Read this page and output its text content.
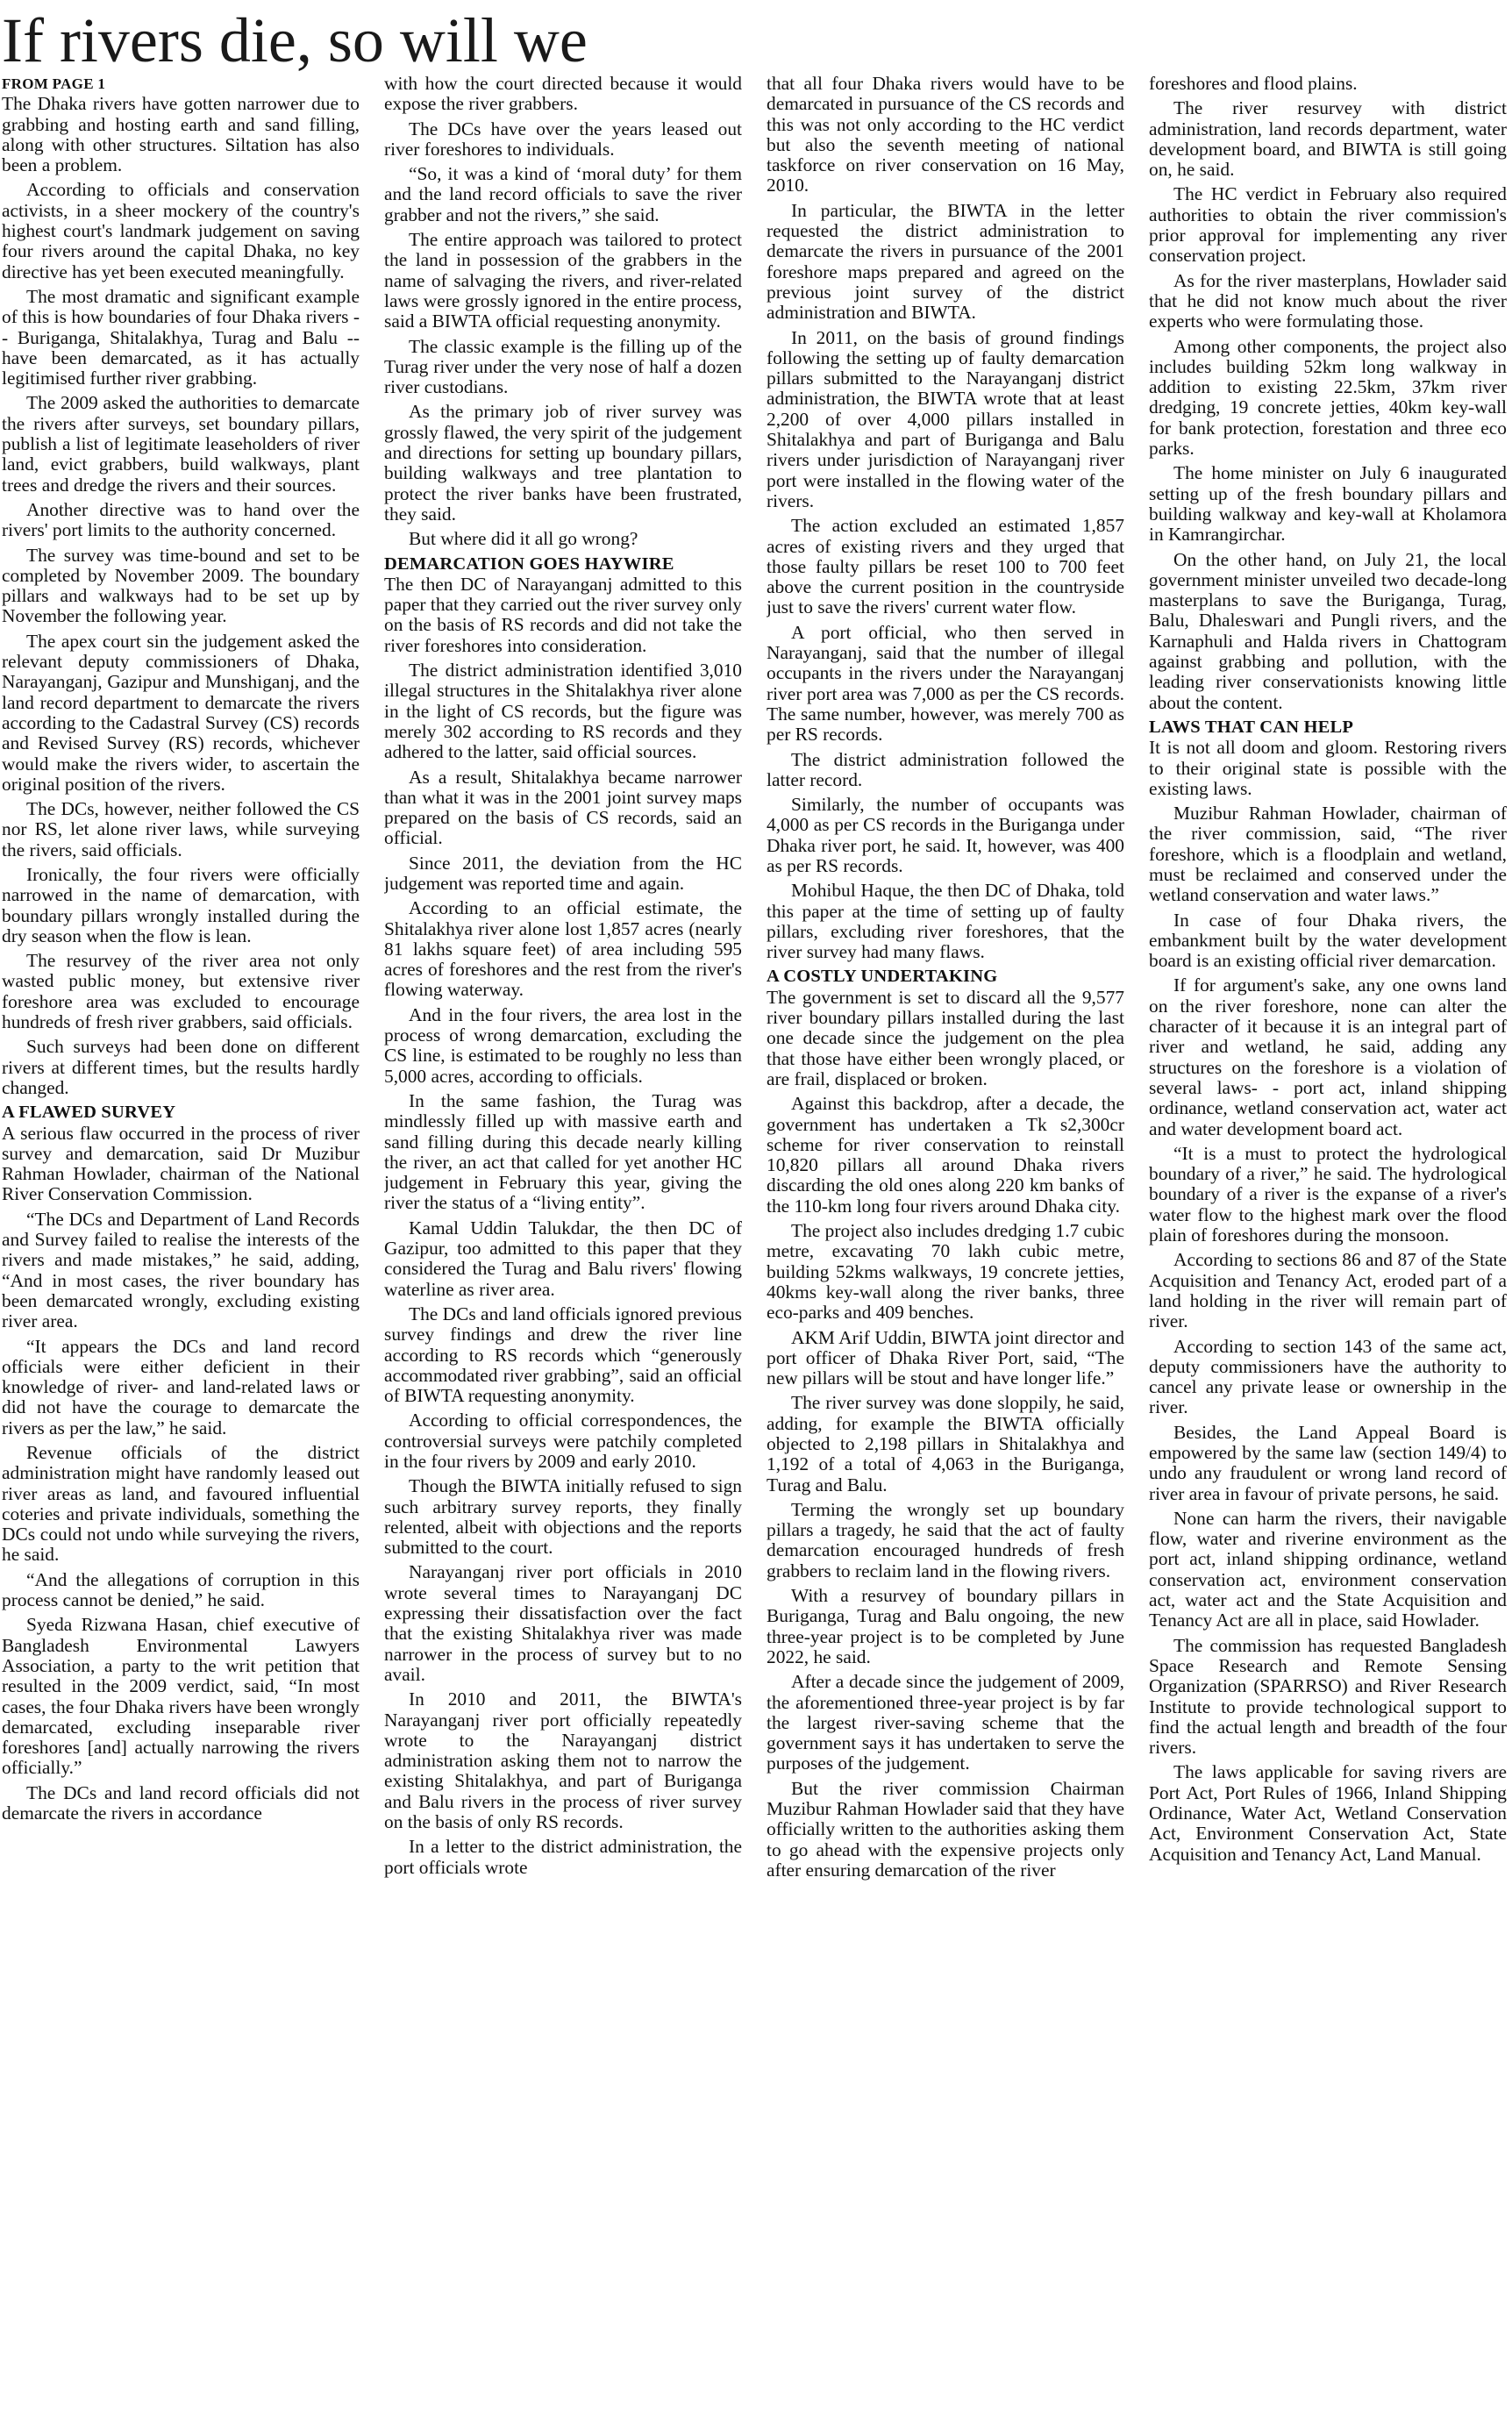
If rivers die, so will we

FROM PAGE 1

The Dhaka rivers have gotten narrower due to grabbing and hosting earth and sand filling, along with other structures. Siltation has also been a problem.

According to officials and conservation activists, in a sheer mockery of the country's highest court's landmark judgement on saving four rivers around the capital Dhaka, no key directive has yet been executed meaningfully.

The most dramatic and significant example of this is how boundaries of four Dhaka rivers -- Buriganga, Shitalakhya, Turag and Balu -- have been demarcated, as it has actually legitimised further river grabbing.

The 2009 asked the authorities to demarcate the rivers after surveys, set boundary pillars, publish a list of legitimate leaseholders of river land, evict grabbers, build walkways, plant trees and dredge the rivers and their sources.

Another directive was to hand over the rivers' port limits to the authority concerned.

The survey was time-bound and set to be completed by November 2009. The boundary pillars and walkways had to be set up by November the following year.

The apex court sin the judgement asked the relevant deputy commissioners of Dhaka, Narayanganj, Gazipur and Munshiganj, and the land record department to demarcate the rivers according to the Cadastral Survey (CS) records and Revised Survey (RS) records, whichever would make the rivers wider, to ascertain the original position of the rivers.

The DCs, however, neither followed the CS nor RS, let alone river laws, while surveying the rivers, said officials.

Ironically, the four rivers were officially narrowed in the name of demarcation, with boundary pillars wrongly installed during the dry season when the flow is lean.

The resurvey of the river area not only wasted public money, but extensive river foreshore area was excluded to encourage hundreds of fresh river grabbers, said officials.

Such surveys had been done on different rivers at different times, but the results hardly changed.

A FLAWED SURVEY

A serious flaw occurred in the process of river survey and demarcation, said Dr Muzibur Rahman Howlader, chairman of the National River Conservation Commission.

“The DCs and Department of Land Records and Survey failed to realise the interests of the rivers and made mistakes,” he said, adding, “And in most cases, the river boundary has been demarcated wrongly, excluding existing river area.

“It appears the DCs and land record officials were either deficient in their knowledge of river- and land-related laws or did not have the courage to demarcate the rivers as per the law,” he said.

Revenue officials of the district administration might have randomly leased out river areas as land, and favoured influential coteries and private individuals, something the DCs could not undo while surveying the rivers, he said.

“And the allegations of corruption in this process cannot be denied,” he said.

Syeda Rizwana Hasan, chief executive of Bangladesh Environmental Lawyers Association, a party to the writ petition that resulted in the 2009 verdict, said, “In most cases, the four Dhaka rivers have been wrongly demarcated, excluding inseparable river foreshores [and] actually narrowing the rivers officially.”

The DCs and land record officials did not demarcate the rivers in accordance

with how the court directed because it would expose the river grabbers.

The DCs have over the years leased out river foreshores to individuals.

“So, it was a kind of ‘moral duty’ for them and the land record officials to save the river grabber and not the rivers,” she said.

The entire approach was tailored to protect the land in possession of the grabbers in the name of salvaging the rivers, and river-related laws were grossly ignored in the entire process, said a BIWTA official requesting anonymity.

The classic example is the filling up of the Turag river under the very nose of half a dozen river custodians.

As the primary job of river survey was grossly flawed, the very spirit of the judgement and directions for setting up boundary pillars, building walkways and tree plantation to protect the river banks have been frustrated, they said.

But where did it all go wrong?

DEMARCATION GOES HAYWIRE

The then DC of Narayanganj admitted to this paper that they carried out the river survey only on the basis of RS records and did not take the river foreshores into consideration.

The district administration identified 3,010 illegal structures in the Shitalakhya river alone in the light of CS records, but the figure was merely 302 according to RS records and they adhered to the latter, said official sources.

As a result, Shitalakhya became narrower than what it was in the 2001 joint survey maps prepared on the basis of CS records, said an official.

Since 2011, the deviation from the HC judgement was reported time and again.

According to an official estimate, the Shitalakhya river alone lost 1,857 acres (nearly 81 lakhs square feet) of area including 595 acres of foreshores and the rest from the river's flowing waterway.

And in the four rivers, the area lost in the process of wrong demarcation, excluding the CS line, is estimated to be roughly no less than 5,000 acres, according to officials.

In the same fashion, the Turag was mindlessly filled up with massive earth and sand filling during this decade nearly killing the river, an act that called for yet another HC judgement in February this year, giving the river the status of a “living entity”.

Kamal Uddin Talukdar, the then DC of Gazipur, too admitted to this paper that they considered the Turag and Balu rivers' flowing waterline as river area.

The DCs and land officials ignored previous survey findings and drew the river line according to RS records which “generously accommodated river grabbing”, said an official of BIWTA requesting anonymity.

According to official correspondences, the controversial surveys were patchily completed in the four rivers by 2009 and early 2010.

Though the BIWTA initially refused to sign such arbitrary survey reports, they finally relented, albeit with objections and the reports submitted to the court.

Narayanganj river port officials in 2010 wrote several times to Narayanganj DC expressing their dissatisfaction over the fact that the existing Shitalakhya river was made narrower in the process of survey but to no avail.

In 2010 and 2011, the BIWTA's Narayanganj river port officially repeatedly wrote to the Narayanganj district administration asking them not to narrow the existing Shitalakhya, and part of Buriganga and Balu rivers in the process of river survey on the basis of only RS records.

In a letter to the district administration, the port officials wrote

that all four Dhaka rivers would have to be demarcated in pursuance of the CS records and this was not only according to the HC verdict but also the seventh meeting of national taskforce on river conservation on 16 May, 2010.

In particular, the BIWTA in the letter requested the district administration to demarcate the rivers in pursuance of the 2001 foreshore maps prepared and agreed on the previous joint survey of the district administration and BIWTA.

In 2011, on the basis of ground findings following the setting up of faulty demarcation pillars submitted to the Narayanganj district administration, the BIWTA wrote that at least 2,200 of over 4,000 pillars installed in Shitalakhya and part of Buriganga and Balu rivers under jurisdiction of Narayanganj river port were installed in the flowing water of the rivers.

The action excluded an estimated 1,857 acres of existing rivers and they urged that those faulty pillars be reset 100 to 700 feet above the current position in the countryside just to save the rivers' current water flow.

A port official, who then served in Narayanganj, said that the number of illegal occupants in the rivers under the Narayanganj river port area was 7,000 as per the CS records. The same number, however, was merely 700 as per RS records.

The district administration followed the latter record.

Similarly, the number of occupants was 4,000 as per CS records in the Buriganga under Dhaka river port, he said. It, however, was 400 as per RS records.

Mohibul Haque, the then DC of Dhaka, told this paper at the time of setting up of faulty pillars, excluding river foreshores, that the river survey had many flaws.

A COSTLY UNDERTAKING

The government is set to discard all the 9,577 river boundary pillars installed during the last one decade since the judgement on the plea that those have either been wrongly placed, or are frail, displaced or broken.

Against this backdrop, after a decade, the government has undertaken a Tk s2,300cr scheme for river conservation to reinstall 10,820 pillars all around Dhaka rivers discarding the old ones along 220 km banks of the 110-km long four rivers around Dhaka city.

The project also includes dredging 1.7 cubic metre, excavating 70 lakh cubic metre, building 52kms walkways, 19 concrete jetties, 40kms key-wall along the river banks, three eco-parks and 409 benches.

AKM Arif Uddin, BIWTA joint director and port officer of Dhaka River Port, said, “The new pillars will be stout and have longer life.”

The river survey was done sloppily, he said, adding, for example the BIWTA officially objected to 2,198 pillars in Shitalakhya and 1,192 of a total of 4,063 in the Buriganga, Turag and Balu.

Terming the wrongly set up boundary pillars a tragedy, he said that the act of faulty demarcation encouraged hundreds of fresh grabbers to reclaim land in the flowing rivers.

With a resurvey of boundary pillars in Buriganga, Turag and Balu ongoing, the new three-year project is to be completed by June 2022, he said.

After a decade since the judgement of 2009, the aforementioned three-year project is by far the largest river-saving scheme that the government says it has undertaken to serve the purposes of the judgement.

But the river commission Chairman Muzibur Rahman Howlader said that they have officially written to the authorities asking them to go ahead with the expensive projects only after ensuring demarcation of the river

foreshores and flood plains.

The river resurvey with district administration, land records department, water development board, and BIWTA is still going on, he said.

The HC verdict in February also required authorities to obtain the river commission's prior approval for implementing any river conservation project.

As for the river masterplans, Howlader said that he did not know much about the river experts who were formulating those.

Among other components, the project also includes building 52km long walkway in addition to existing 22.5km, 37km river dredging, 19 concrete jetties, 40km key-wall for bank protection, forestation and three eco parks.

The home minister on July 6 inaugurated setting up of the fresh boundary pillars and building walkway and key-wall at Kholamora in Kamrangirchar.

On the other hand, on July 21, the local government minister unveiled two decade-long masterplans to save the Buriganga, Turag, Balu, Dhaleswari and Pungli rivers, and the Karnaphuli and Halda rivers in Chattogram against grabbing and pollution, with the leading river conservationists knowing little about the content.

LAWS THAT CAN HELP

It is not all doom and gloom. Restoring rivers to their original state is possible with the existing laws.

Muzibur Rahman Howlader, chairman of the river commission, said, “The river foreshore, which is a floodplain and wetland, must be reclaimed and conserved under the wetland conservation and water laws.”

In case of four Dhaka rivers, the embankment built by the water development board is an existing official river demarcation.

If for argument's sake, any one owns land on the river foreshore, none can alter the character of it because it is an integral part of river and wetland, he said, adding any structures on the foreshore is a violation of several laws- - port act, inland shipping ordinance, wetland conservation act, water act and water development board act.

“It is a must to protect the hydrological boundary of a river,” he said. The hydrological boundary of a river is the expanse of a river's water flow to the highest mark over the flood plain of foreshores during the monsoon.

According to sections 86 and 87 of the State Acquisition and Tenancy Act, eroded part of a land holding in the river will remain part of river.

According to section 143 of the same act, deputy commissioners have the authority to cancel any private lease or ownership in the river.

Besides, the Land Appeal Board is empowered by the same law (section 149/4) to undo any fraudulent or wrong land record of river area in favour of private persons, he said.

None can harm the rivers, their navigable flow, water and riverine environment as the port act, inland shipping ordinance, wetland conservation act, environment conservation act, water act and the State Acquisition and Tenancy Act are all in place, said Howlader.

The commission has requested Bangladesh Space Research and Remote Sensing Organization (SPARRSO) and River Research Institute to provide technological support to find the actual length and breadth of the four rivers.

The laws applicable for saving rivers are Port Act, Port Rules of 1966, Inland Shipping Ordinance, Water Act, Wetland Conservation Act, Environment Conservation Act, State Acquisition and Tenancy Act, Land Manual.
